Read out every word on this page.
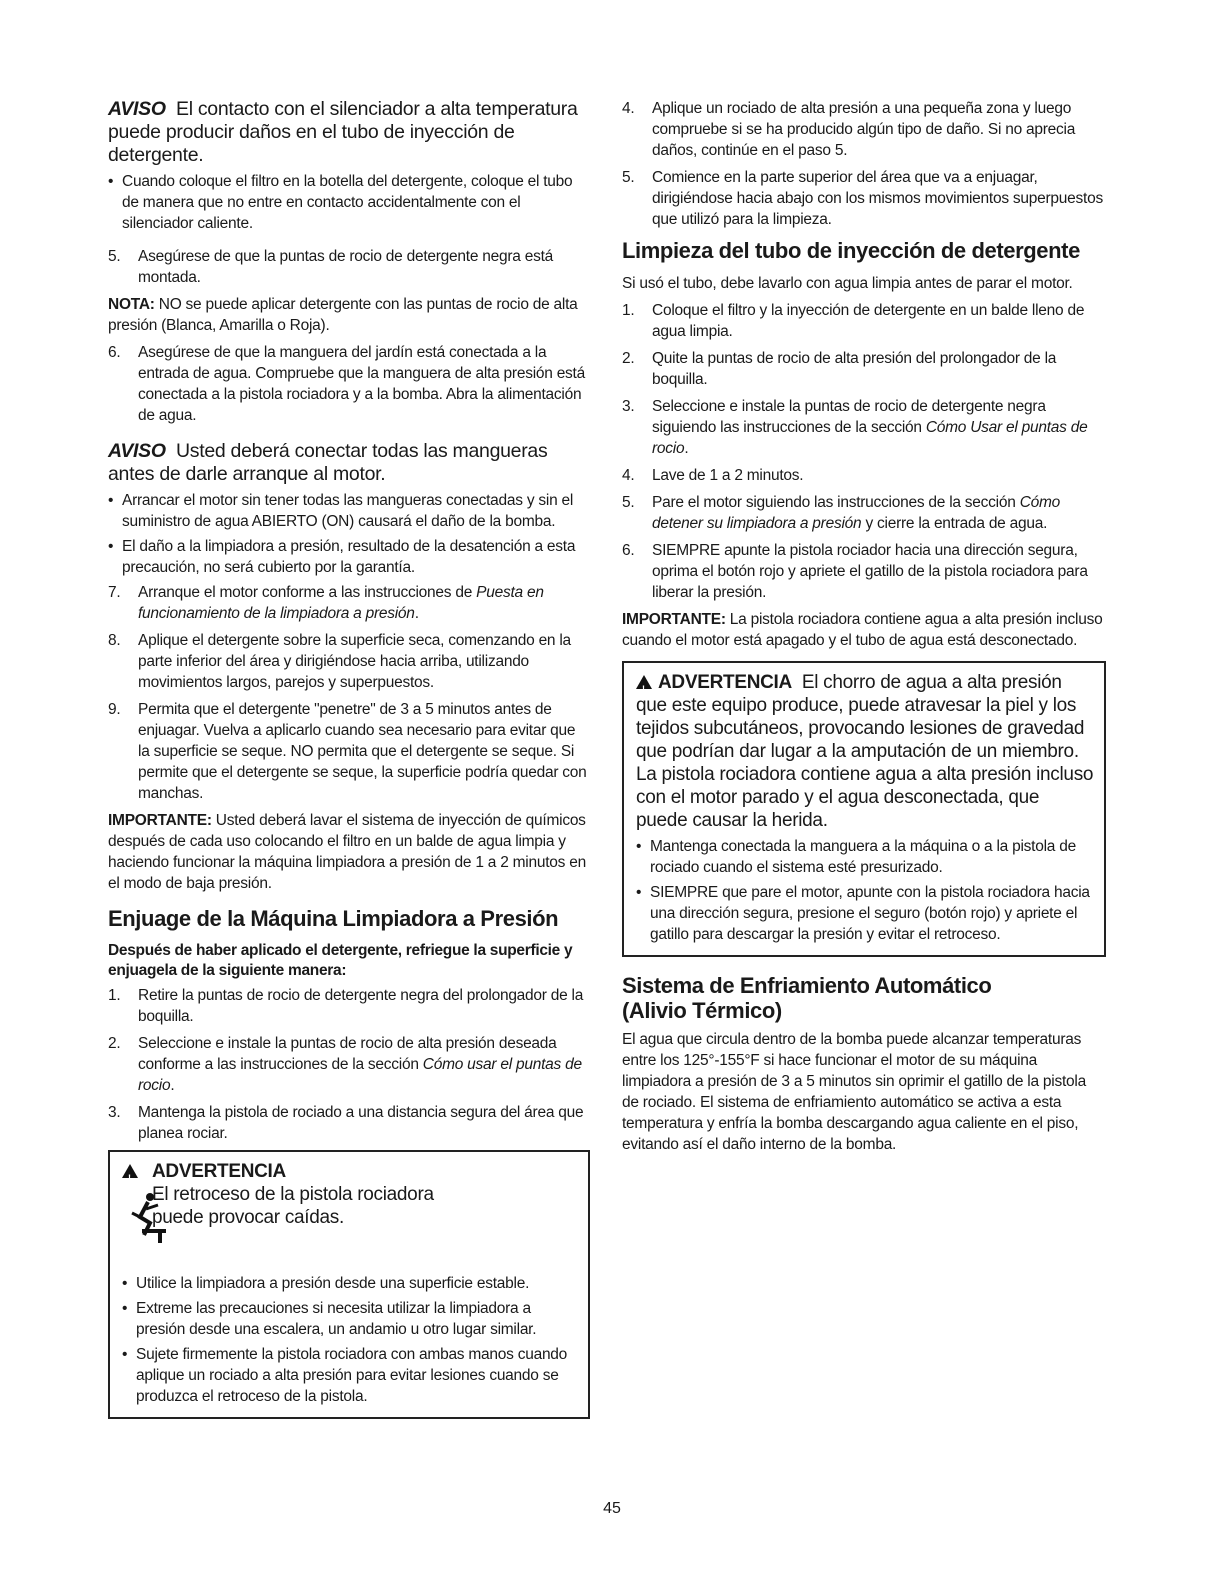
AVISO El contacto con el silenciador a alta temperatura puede producir daños en el tubo de inyección de detergente.

• Cuando coloque el filtro en la botella del detergente, coloque el tubo de manera que no entre en contacto accidentalmente con el silenciador caliente.
5 .	Asegúrese de que la puntas de rocio de detergente negra está montada.

NOTA: NO se puede aplicar detergente con las puntas de rocio de alta presión (Blanca, Amarilla o Roja).

6 .	Asegúrese de que la manguera del jardín está conectada a la entrada de agua. Compruebe que la manguera de alta presión está conectada a la pistola rociadora y a la bomba. Abra la alimentación de agua.

AVISO Usted deberá conectar todas las mangueras antes de darle arranque al motor.

• Arrancar el motor sin tener todas las mangueras conectadas y sin el suministro de agua ABIERTO (ON) causará el daño de la bomba.
• El daño a la limpiadora a presión, resultado de la desatención a esta precaución, no será cubierto por la garantía.
7 .	Arranque el motor conforme a las instrucciones de Puesta en funcionamiento de la limpiadora a presión.
8 .	Aplique el detergente sobre la superficie seca, comenzando en la parte inferior del área y dirigiéndose hacia arriba, utilizando movimientos largos, parejos y superpuestos.
9 .	Permita que el detergente "penetre" de 3 a 5 minutos antes de enjuagar. Vuelva a aplicarlo cuando sea necesario para evitar que la superficie se seque. NO permita que el detergente se seque. Si permite que el detergente se seque, la superficie podría quedar con manchas.

IMPORTANTE: Usted deberá lavar el sistema de inyección de químicos después de cada uso colocando el filtro en un balde de agua limpia y haciendo funcionar la máquina limpiadora a presión de 1 a 2 minutos en el modo de baja presión.

Enjuage de la Máquina Limpiadora a Presión
Después de haber aplicado el detergente, refriegue la superficie y enjuagela de la siguiente manera:
1 .	Retire la puntas de rocio de detergente negra del prolongador de la boquilla.
2 .	Seleccione e instale la puntas de rocio de alta presión deseada conforme a las instrucciones de la sección Cómo usar el puntas de rocio.
3 .	Mantenga la pistola de rociado a una distancia segura del área que planea rociar.
!
ADVERTENCIA  El retroceso de la pistola rociadora puede provocar caídas.
• Utilice la limpiadora a presión desde una superficie estable.
• Extreme las precauciones si necesita utilizar la limpiadora a presión desde una escalera, un andamio u otro lugar similar.
• Sujete firmemente la pistola rociadora con ambas manos cuando aplique un rociado a alta presión para evitar lesiones cuando se produzca el retroceso de la pistola.
4 .	Aplique un rociado de alta presión a una pequeña zona y luego compruebe si se ha producido algún tipo de daño. Si no aprecia daños, continúe en el paso 5.
5 .	Comience en la parte superior del área que va a enjuagar, dirigiéndose hacia abajo con los mismos movimientos superpuestos que utilizó para la limpieza.
Limpieza del tubo de inyección de detergente

Si usó el tubo, debe lavarlo con agua limpia antes de parar el motor.

1 .	Coloque el filtro y la inyección de detergente en un balde lleno de agua limpia.
2 .	Quite la puntas de rocio de alta presión del prolongador de la boquilla.
3 .	Seleccione e instale la puntas de rocio de detergente negra siguiendo las instrucciones de la sección Cómo Usar el puntas de rocio.
4 .	Lave de 1 a 2 minutos.
5 .	Pare el motor siguiendo las instrucciones de la sección Cómo detener su limpiadora a presión y cierre la entrada de agua.
6 .	SIEMPRE apunte la pistola rociador hacia una dirección segura, oprima el botón rojo y apriete el gatillo de la pistola rociadora para liberar la presión.

IMPORTANTE: La pistola rociadora contiene agua a alta presión incluso cuando el motor está apagado y el tubo de agua está desconectado.

!ADVERTENCIA El chorro de agua a alta presión que este equipo produce, puede atravesar la piel y los tejidos subcutáneos, provocando lesiones de gravedad que podrían dar lugar a la amputación de un miembro.
La pistola rociadora contiene agua a alta presión incluso con el motor parado y el agua desconectada, que puede causar la herida.
• Mantenga conectada la manguera a la máquina o a la pistola de rociado cuando el sistema esté presurizado.
• SIEMPRE que pare el motor, apunte con la pistola rociadora hacia una dirección segura, presione el seguro (botón rojo) y apriete el gatillo para descargar la presión y evitar el retroceso.
Sistema de Enfriamiento Automático
(Alivio Térmico)

El agua que circula dentro de la bomba puede alcanzar temperaturas entre los 125°-155°F si hace funcionar el motor de su máquina limpiadora a presión de 3 a 5 minutos sin oprimir el gatillo de la pistola de rociado. El sistema de enfriamiento automático se activa a esta temperatura y enfría la bomba descargando agua caliente en el piso, evitando así el daño interno de la bomba.

45
